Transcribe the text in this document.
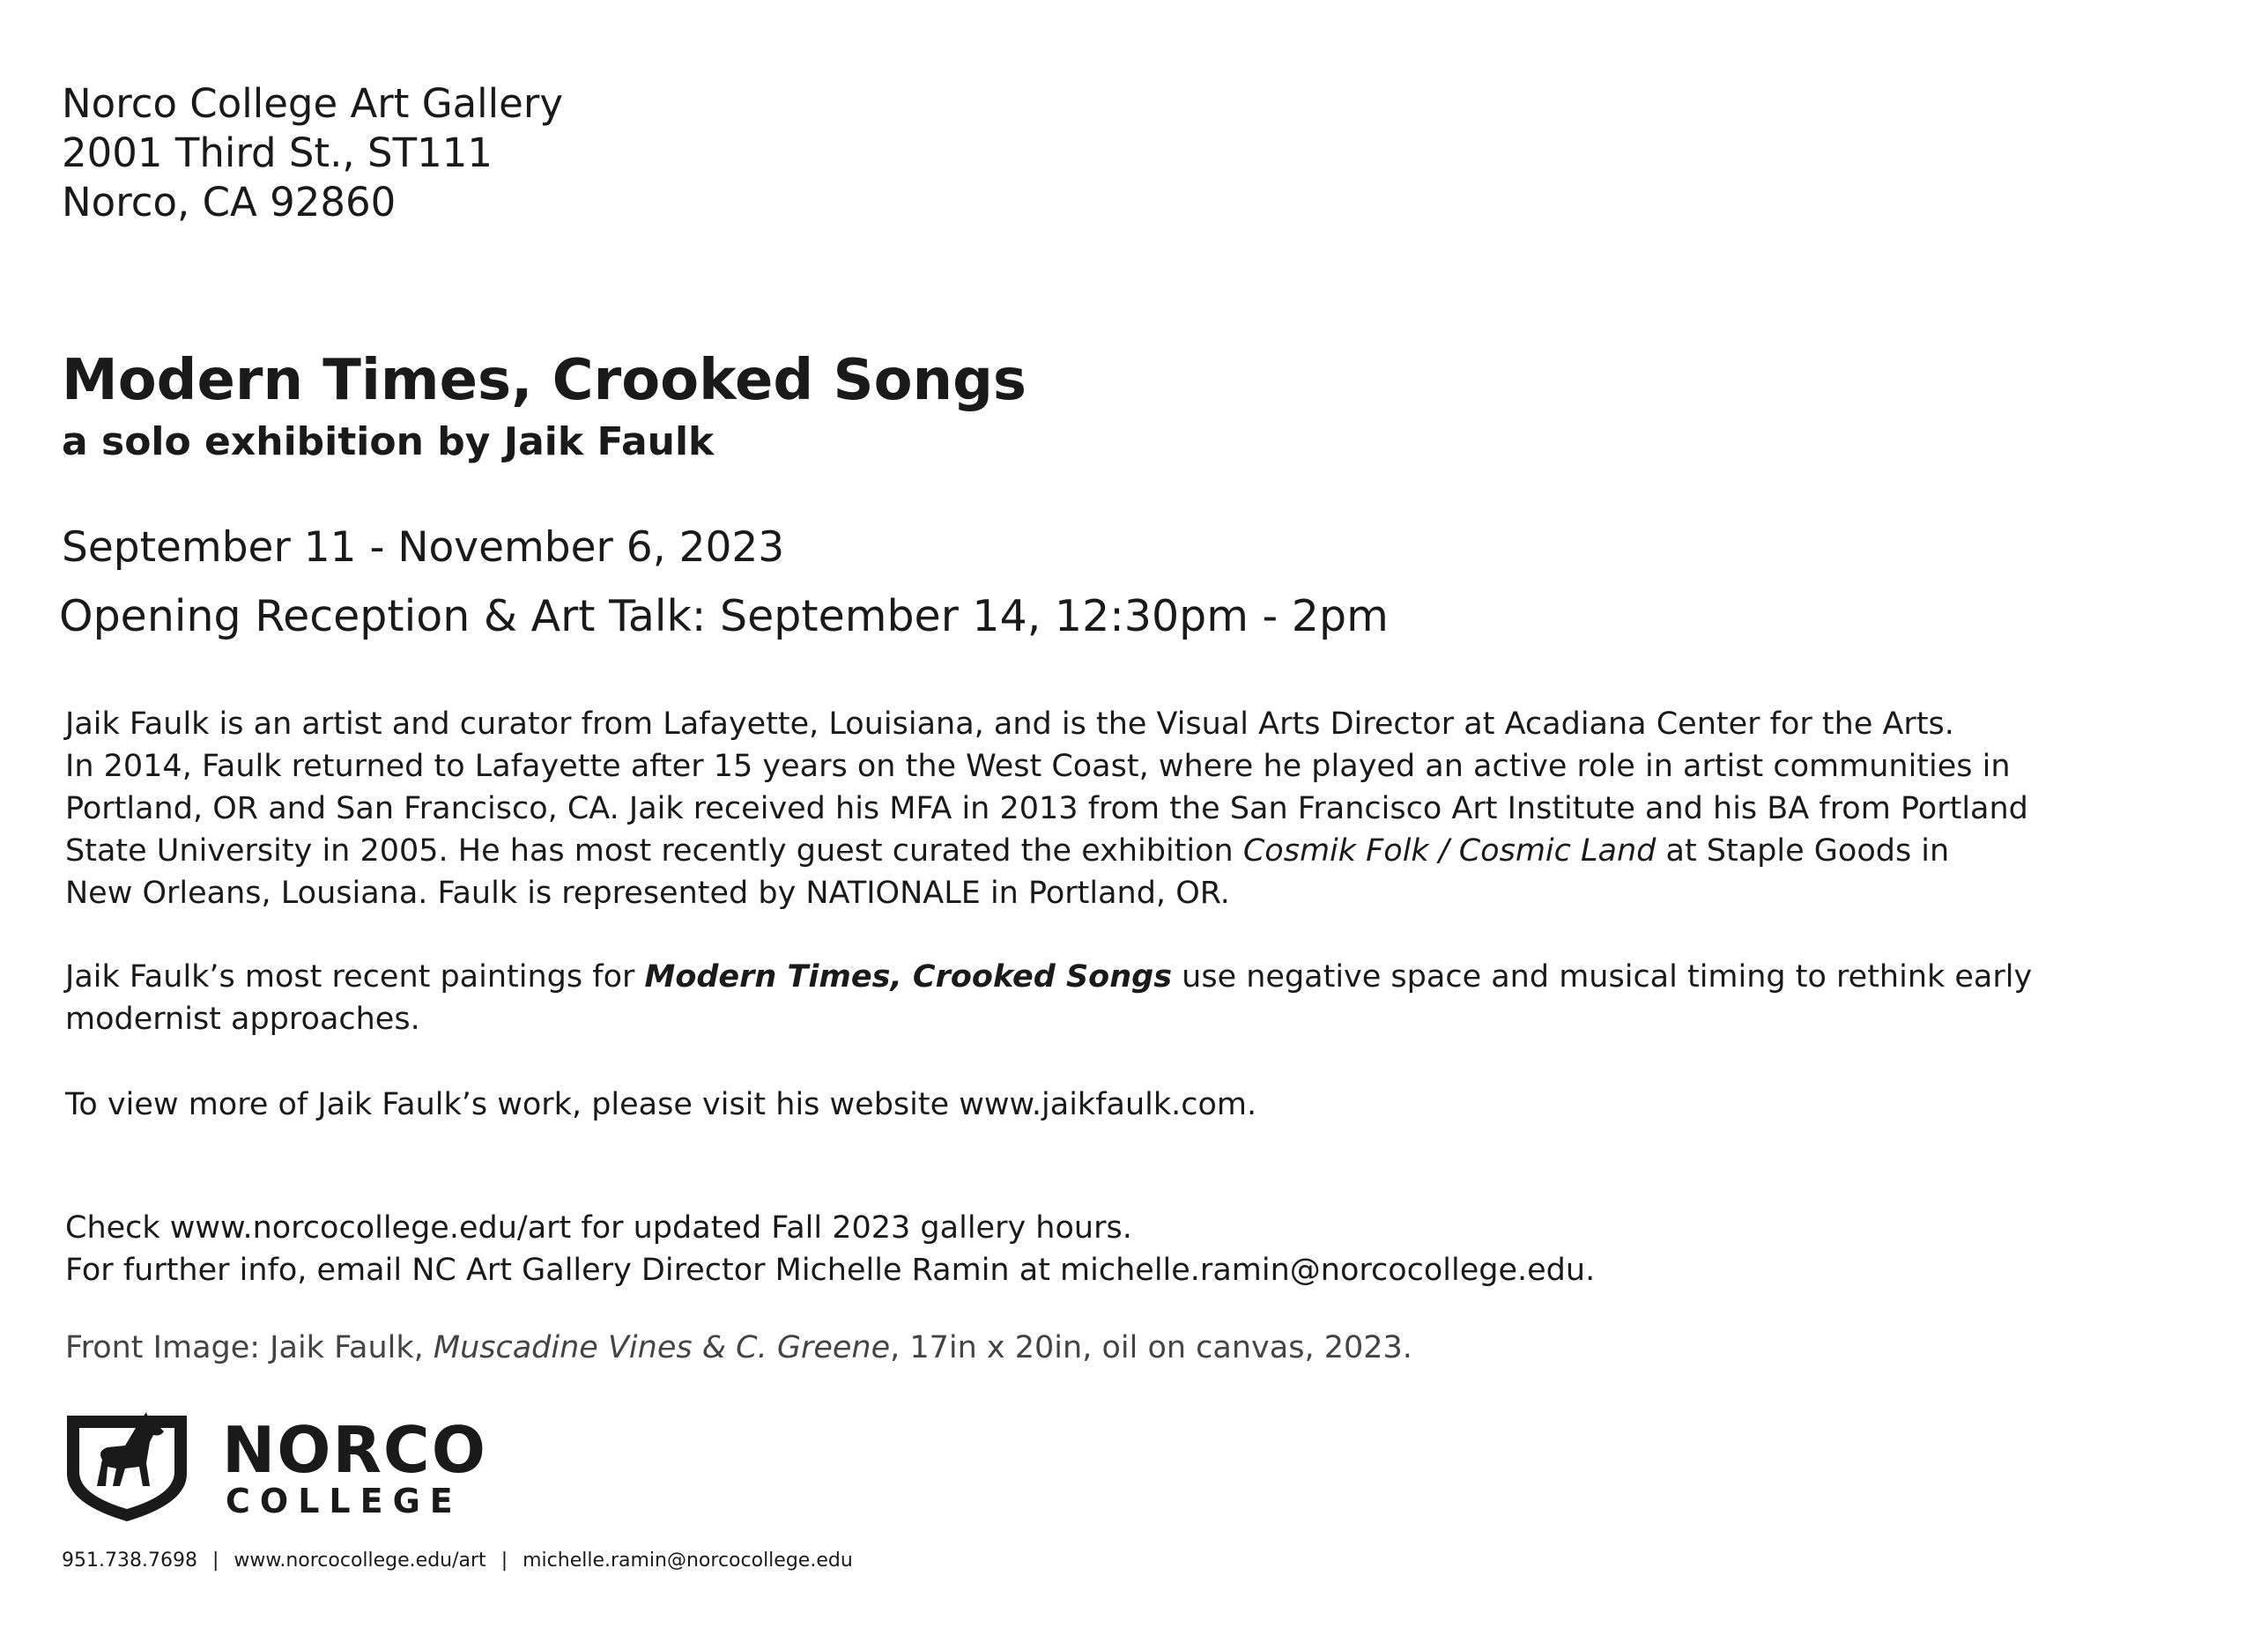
Norco College Art Gallery
2001 Third St., ST111
Norco, CA 92860
Modern Times, Crooked Songs
a solo exhibition by Jaik Faulk
September 11 - November 6, 2023
Opening Reception & Art Talk: September 14, 12:30pm - 2pm
Jaik Faulk is an artist and curator from Lafayette, Louisiana, and is the Visual Arts Director at Acadiana Center for the Arts.
In 2014, Faulk returned to Lafayette after 15 years on the West Coast, where he played an active role in artist communities in
Portland, OR and San Francisco, CA. Jaik received his MFA in 2013 from the San Francisco Art Institute and his BA from Portland
State University in 2005. He has most recently guest curated the exhibition Cosmik Folk / Cosmic Land at Staple Goods in
New Orleans, Lousiana. Faulk is represented by NATIONALE in Portland, OR.
Jaik Faulk’s most recent paintings for Modern Times, Crooked Songs use negative space and musical timing to rethink early
modernist approaches.
To view more of Jaik Faulk’s work, please visit his website www.jaikfaulk.com.
Check www.norcocollege.edu/art for updated Fall 2023 gallery hours.
For further info, email NC Art Gallery Director Michelle Ramin at michelle.ramin@norcocollege.edu.
Front Image: Jaik Faulk, Muscadine Vines & C. Greene, 17in x 20in, oil on canvas, 2023.
NORCO
COLLEGE
951.738.7698 | www.norcocollege.edu/art | michelle.ramin@norcocollege.edu
